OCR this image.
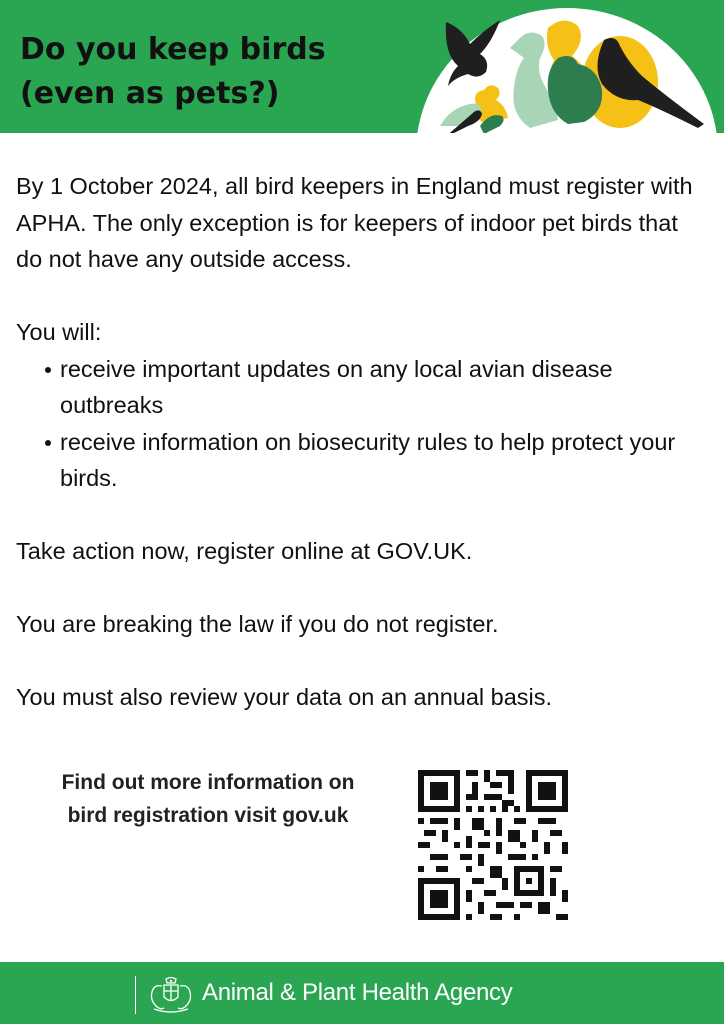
Do you keep birds
(even as pets?)

By 1 October 2024, all bird keepers in England must register with APHA. The only exception is for keepers of indoor pet birds that do not have any outside access.

You will:

receive important updates on any local avian disease outbreaks
receive information on biosecurity rules to help protect your birds.

Take action now, register online at GOV.UK.

You are breaking the law if you do not register.

You must also review your data on an annual basis.

Find out more information on
bird registration visit gov.uk
Animal & Plant Health Agency
